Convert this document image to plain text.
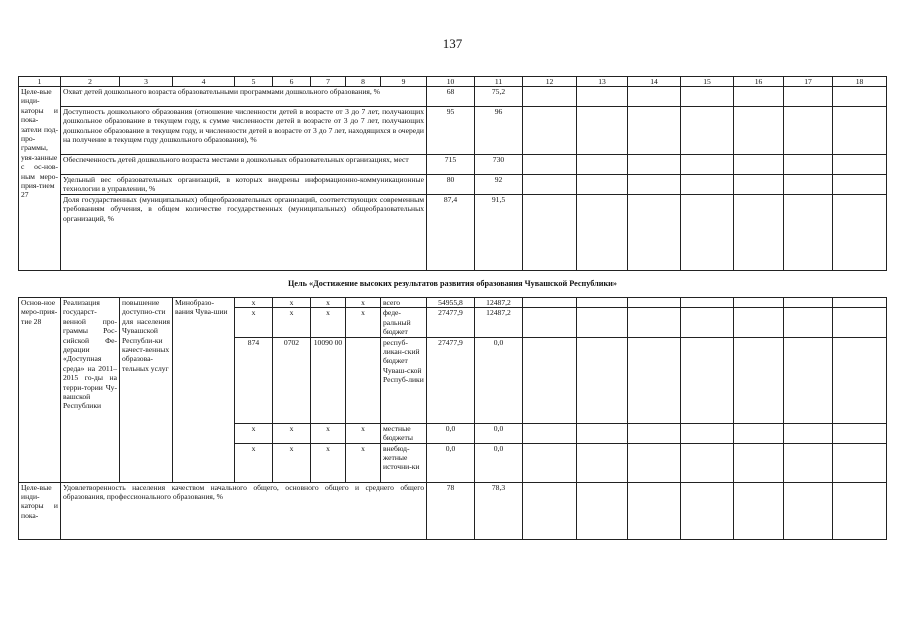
137
1	2	3	4	5	6	7	8	9	10	11	12	13	14	15	16	17	18
Целе-вые инди-каторы и пока-затели под-про-граммы, увя-занные с ос-нов-ным меро-прия-тием 27	Охват детей дошкольного возраста образовательными программами дошкольного образования, %								68	75,2							
	Доступность дошкольного образования (отношение численности детей в возрасте от 3 до 7 лет, получающих дошкольное образование в текущем году, к сумме численности детей в возрасте от 3 до 7 лет, получающих дошкольное образование в текущем году, и численности детей в возрасте от 3 до 7 лет, находящихся в очереди на получение в текущем году дошкольного образования), %								95	96							
	Обеспеченность детей дошкольного возраста местами в дошкольных образовательных организациях, мест								715	730							
	Удельный вес образовательных организаций, в которых внедрены информационно-коммуникационные технологии в управлении, %								80	92							
	Доля государственных (муниципальных) общеобразовательных организаций, соответствующих современным требованиям обучения, в общем количестве государственных (муниципальных) общеобразовательных организаций, %								87,4	91,5							
Цель «Достижение высоких результатов развития образования Чувашской Республики»																	
Основ-ное меро-прия-тие 28	Реализация государст-венной про-граммы Рос-сийской Фе-дерации «Доступная среда» на 2011–2015 го-ды на терри-тории Чу-вашской Республики	повышение доступно-сти для населения Чувашской Республи-ки качест-венных образова-тельных услуг	Минобразо-вания Чува-шии	x	x	x	x	всего	54955,8	12487,2							
				x	x	x	x	феде-ральный бюджет	27477,9	12487,2							
				874	0702	10090 00		респуб-ликан-ский бюджет Чуваш-ской Респуб-лики	27477,9	0,0							
				x	x	x	x	местные бюджеты	0,0	0,0							
				x	x	x	x	внебюд-жетные источни-ки	0,0	0,0							
Целе-вые инди-каторы и пока-	Удовлетворенность населения качеством начального общего, основного общего и среднего общего образования, профессионального образования, %								78	78,3							
